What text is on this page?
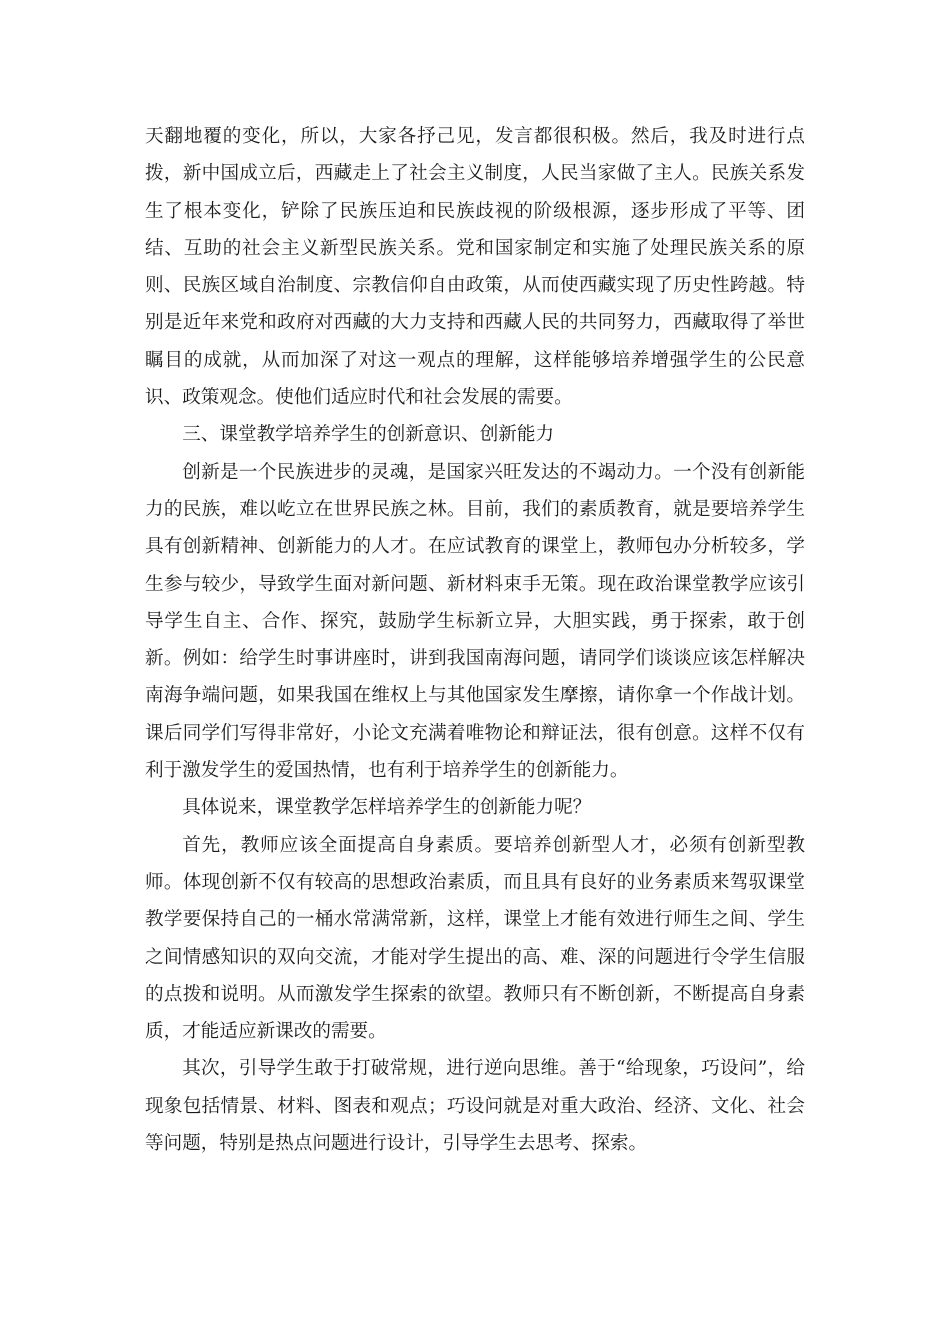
天翻地覆的变化，所以，大家各抒己见，发言都很积极。然后，我及时进行点拨，新中国成立后，西藏走上了社会主义制度，人民当家做了主人。民族关系发生了根本变化，铲除了民族压迫和民族歧视的阶级根源，逐步形成了平等、团结、互助的社会主义新型民族关系。党和国家制定和实施了处理民族关系的原则、民族区域自治制度、宗教信仰自由政策，从而使西藏实现了历史性跨越。特别是近年来党和政府对西藏的大力支持和西藏人民的共同努力，西藏取得了举世瞩目的成就，从而加深了对这一观点的理解，这样能够培养增强学生的公民意识、政策观念。使他们适应时代和社会发展的需要。

三、课堂教学培养学生的创新意识、创新能力

创新是一个民族进步的灵魂，是国家兴旺发达的不竭动力。一个没有创新能力的民族，难以屹立在世界民族之林。目前，我们的素质教育，就是要培养学生具有创新精神、创新能力的人才。在应试教育的课堂上，教师包办分析较多，学生参与较少，导致学生面对新问题、新材料束手无策。现在政治课堂教学应该引导学生自主、合作、探究，鼓励学生标新立异，大胆实践，勇于探索，敢于创新。例如：给学生时事讲座时，讲到我国南海问题，请同学们谈谈应该怎样解决南海争端问题，如果我国在维权上与其他国家发生摩擦，请你拿一个作战计划。课后同学们写得非常好，小论文充满着唯物论和辩证法，很有创意。这样不仅有利于激发学生的爱国热情，也有利于培养学生的创新能力。

具体说来，课堂教学怎样培养学生的创新能力呢？

首先，教师应该全面提高自身素质。要培养创新型人才，必须有创新型教师。体现创新不仅有较高的思想政治素质，而且具有良好的业务素质来驾驭课堂教学要保持自己的一桶水常满常新，这样，课堂上才能有效进行师生之间、学生之间情感知识的双向交流，才能对学生提出的高、难、深的问题进行令学生信服的点拨和说明。从而激发学生探索的欲望。教师只有不断创新，不断提高自身素质，才能适应新课改的需要。

其次，引导学生敢于打破常规，进行逆向思维。善于“给现象，巧设问”，给现象包括情景、材料、图表和观点；巧设问就是对重大政治、经济、文化、社会等问题，特别是热点问题进行设计，引导学生去思考、探索。
